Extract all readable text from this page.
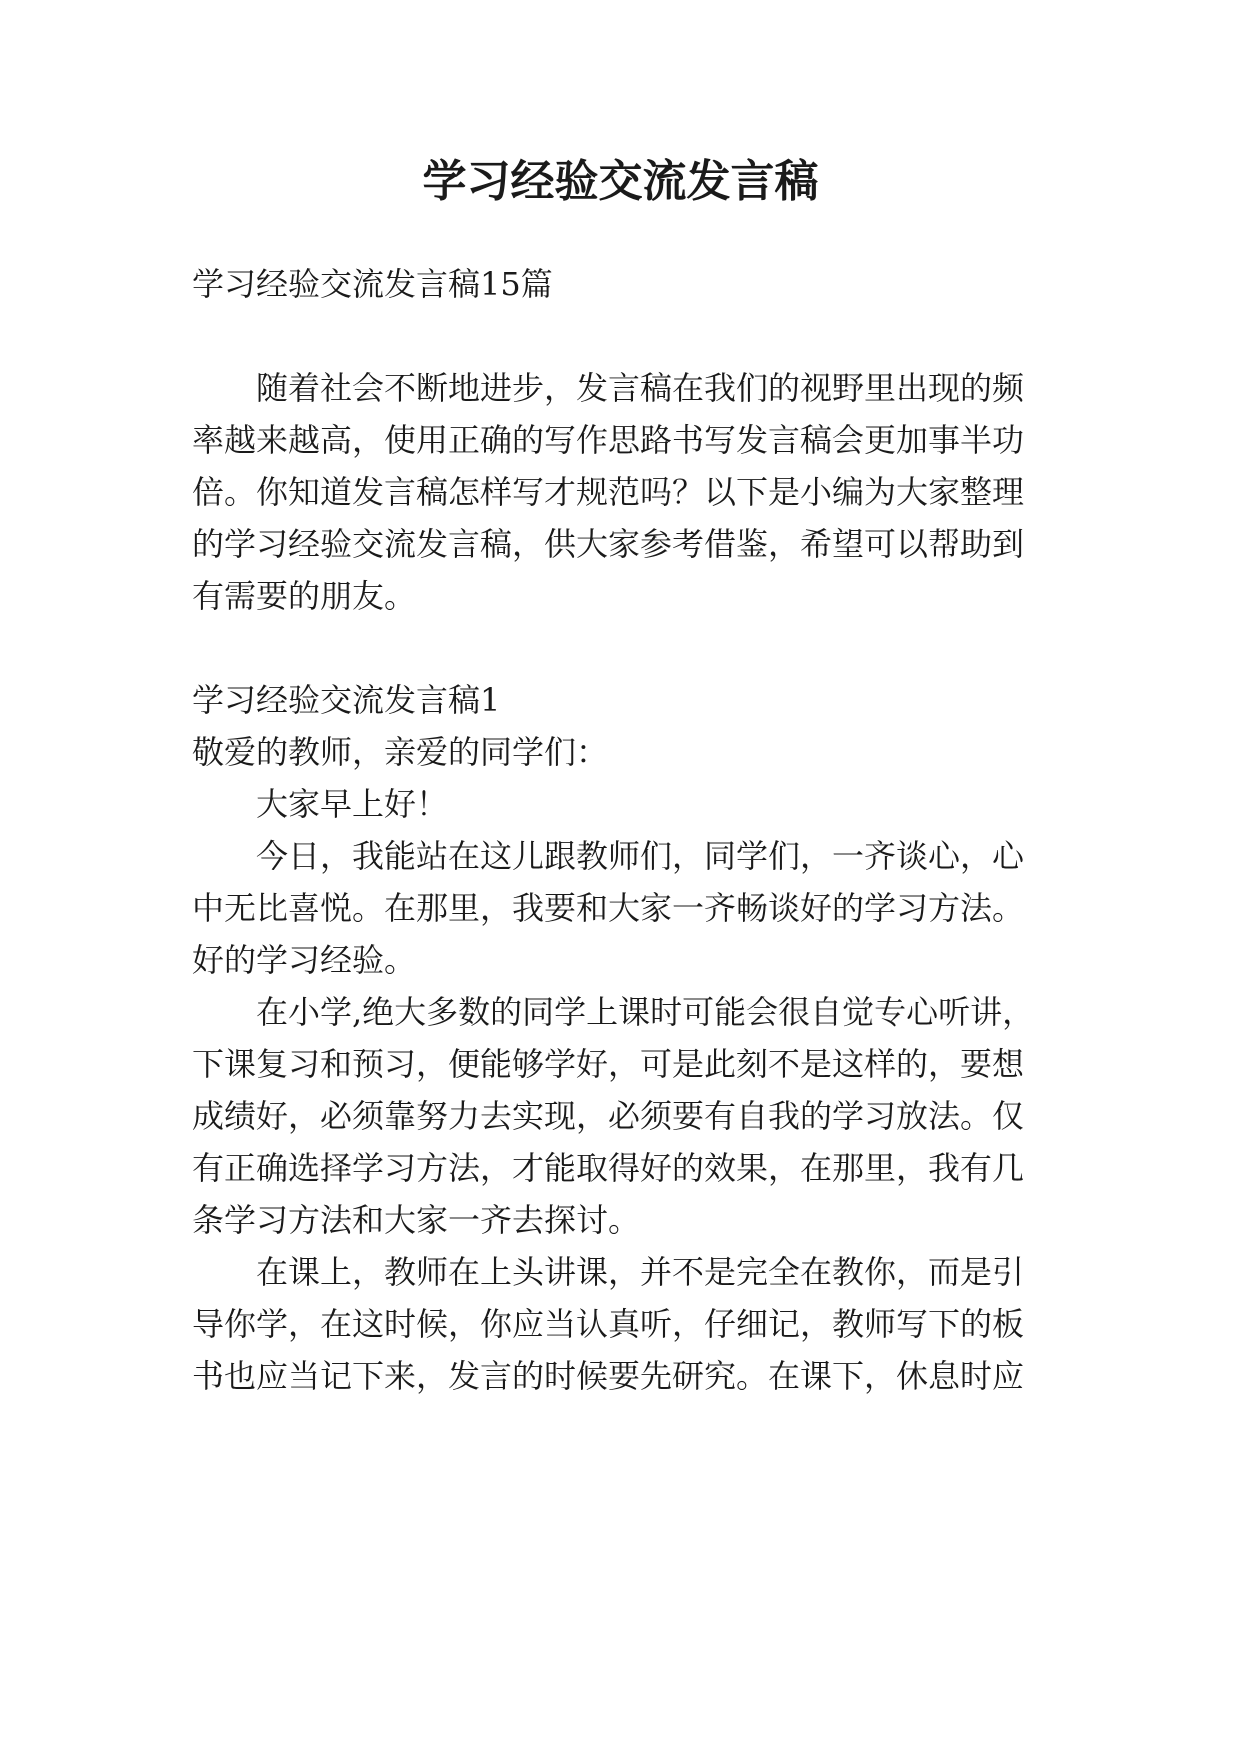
学习经验交流发言稿
学习经验交流发言稿15篇
随着社会不断地进步，发言稿在我们的视野里出现的频
率越来越高，使用正确的写作思路书写发言稿会更加事半功
倍。你知道发言稿怎样写才规范吗？以下是小编为大家整理
的学习经验交流发言稿，供大家参考借鉴，希望可以帮助到
有需要的朋友。
学习经验交流发言稿1
敬爱的教师，亲爱的同学们：
大家早上好！
今日，我能站在这儿跟教师们，同学们，一齐谈心，心
中无比喜悦。在那里，我要和大家一齐畅谈好的学习方法。
好的学习经验。
在小学,绝大多数的同学上课时可能会很自觉专心听讲，
下课复习和预习，便能够学好，可是此刻不是这样的，要想
成绩好，必须靠努力去实现，必须要有自我的学习放法。仅
有正确选择学习方法，才能取得好的效果，在那里，我有几
条学习方法和大家一齐去探讨。
在课上，教师在上头讲课，并不是完全在教你，而是引
导你学，在这时候，你应当认真听，仔细记，教师写下的板
书也应当记下来，发言的时候要先研究。在课下，休息时应
